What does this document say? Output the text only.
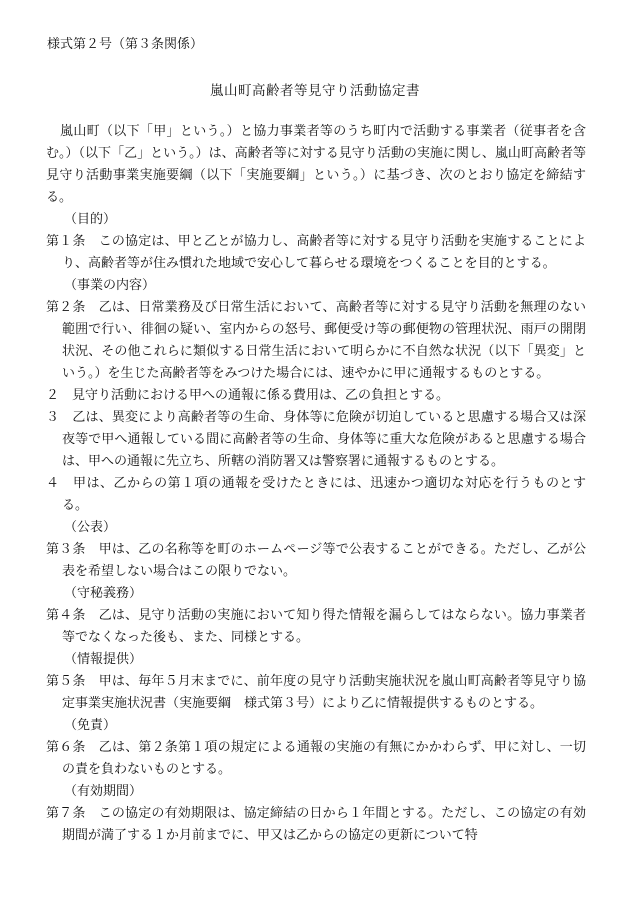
様式第２号（第３条関係）
嵐山町高齢者等見守り活動協定書
嵐山町（以下「甲」という。）と協力事業者等のうち町内で活動する事業者（従事者を含む。）（以下「乙」という。）は、高齢者等に対する見守り活動の実施に関し、嵐山町高齢者等見守り活動事業実施要綱（以下「実施要綱」という。）に基づき、次のとおり協定を締結する。
（目的）
第１条　この協定は、甲と乙とが協力し、高齢者等に対する見守り活動を実施することにより、高齢者等が住み慣れた地域で安心して暮らせる環境をつくることを目的とする。
（事業の内容）
第２条　乙は、日常業務及び日常生活において、高齢者等に対する見守り活動を無理のない範囲で行い、徘徊の疑い、室内からの怒号、郵便受け等の郵便物の管理状況、雨戸の開閉状況、その他これらに類似する日常生活において明らかに不自然な状況（以下「異変」という。）を生じた高齢者等をみつけた場合には、速やかに甲に通報するものとする。
２　見守り活動における甲への通報に係る費用は、乙の負担とする。
３　乙は、異変により高齢者等の生命、身体等に危険が切迫していると思慮する場合又は深夜等で甲へ通報している間に高齢者等の生命、身体等に重大な危険があると思慮する場合は、甲への通報に先立ち、所轄の消防署又は警察署に通報するものとする。
４　甲は、乙からの第１項の通報を受けたときには、迅速かつ適切な対応を行うものとする。
（公表）
第３条　甲は、乙の名称等を町のホームページ等で公表することができる。ただし、乙が公表を希望しない場合はこの限りでない。
（守秘義務）
第４条　乙は、見守り活動の実施において知り得た情報を漏らしてはならない。協力事業者等でなくなった後も、また、同様とする。
（情報提供）
第５条　甲は、毎年５月末までに、前年度の見守り活動実施状況を嵐山町高齢者等見守り協定事業実施状況書（実施要綱　様式第３号）により乙に情報提供するものとする。
（免責）
第６条　乙は、第２条第１項の規定による通報の実施の有無にかかわらず、甲に対し、一切の責を負わないものとする。
（有効期間）
第７条　この協定の有効期限は、協定締結の日から１年間とする。ただし、この協定の有効期間が満了する１か月前までに、甲又は乙からの協定の更新について特
